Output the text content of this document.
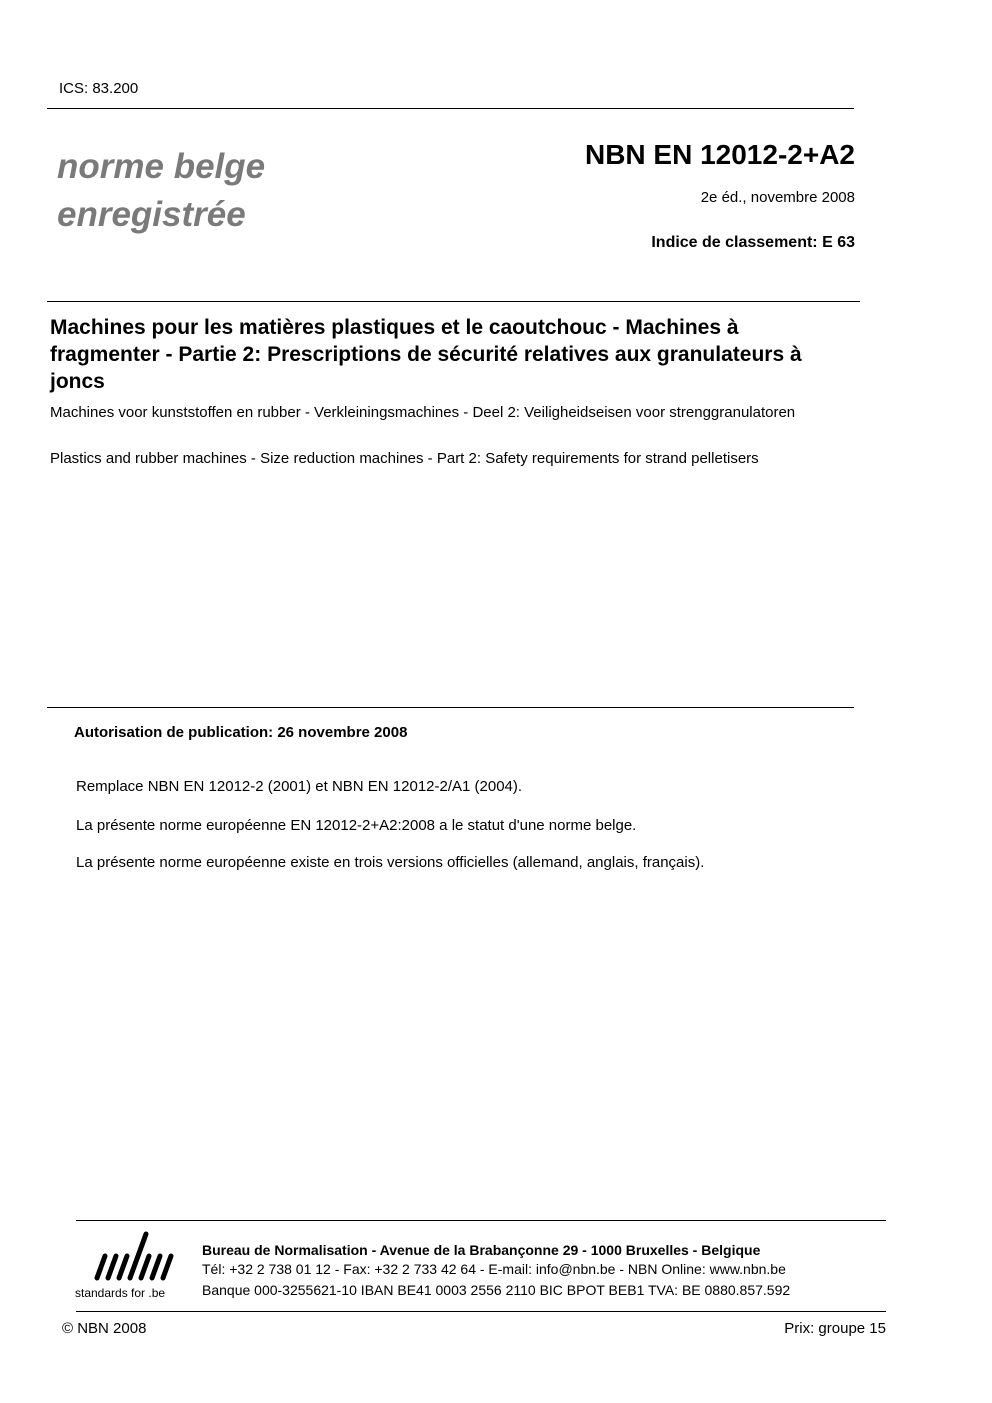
ICS: 83.200
norme belge
enregistrée
NBN EN 12012-2+A2
2e éd., novembre 2008
Indice de classement: E 63
Machines pour les matières plastiques et le caoutchouc - Machines à fragmenter - Partie 2: Prescriptions de sécurité relatives aux granulateurs à joncs
Machines voor kunststoffen en rubber - Verkleiningsmachines - Deel 2: Veiligheidseisen voor strenggranulatoren
Plastics and rubber machines - Size reduction machines - Part 2: Safety requirements for strand pelletisers
Autorisation de publication: 26 novembre 2008
Remplace NBN EN 12012-2 (2001) et NBN EN 12012-2/A1 (2004).
La présente norme européenne EN 12012-2+A2:2008 a le statut d'une norme belge.
La présente norme européenne existe en trois versions officielles (allemand, anglais, français).
standards for .be
Bureau de Normalisation - Avenue de la Brabançonne 29 - 1000 Bruxelles - Belgique
Tél: +32 2 738 01 12 - Fax: +32 2 733 42 64 - E-mail: info@nbn.be - NBN Online: www.nbn.be
Banque 000-3255621-10 IBAN BE41 0003 2556 2110 BIC BPOT BEB1 TVA: BE 0880.857.592
© NBN 2008	Prix: groupe 15
